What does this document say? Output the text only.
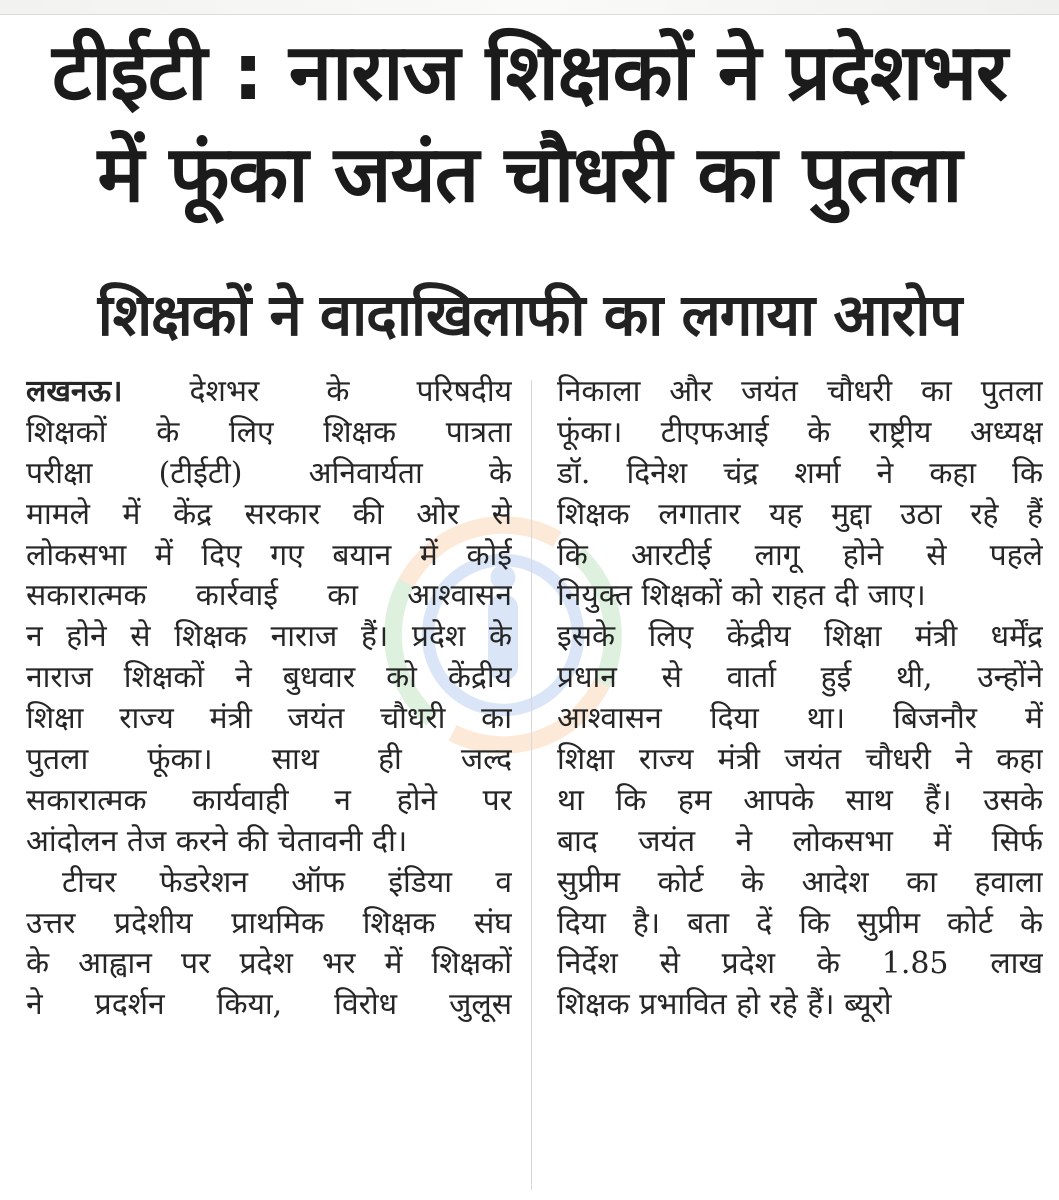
टीईटी : नाराज शिक्षकों ने प्रदेशभर
में फूंका जयंत चौधरी का पुतला
शिक्षकों ने वादाखिलाफी का लगाया आरोप
लखनऊ। देशभर के परिषदीय
शिक्षकों के लिए शिक्षक पात्रता
परीक्षा (टीईटी) अनिवार्यता के
मामले में केंद्र सरकार की ओर से
लोकसभा में दिए गए बयान में कोई
सकारात्मक कार्रवाई का आश्वासन
न होने से शिक्षक नाराज हैं। प्रदेश के
नाराज शिक्षकों ने बुधवार को केंद्रीय
शिक्षा राज्य मंत्री जयंत चौधरी का
पुतला फूंका। साथ ही जल्द
सकारात्मक कार्यवाही न होने पर
आंदोलन तेज करने की चेतावनी दी।
टीचर फेडरेशन ऑफ इंडिया व
उत्तर प्रदेशीय प्राथमिक शिक्षक संघ
के आह्वान पर प्रदेश भर में शिक्षकों
ने प्रदर्शन किया, विरोध जुलूस
निकाला और जयंत चौधरी का पुतला
फूंका। टीएफआई के राष्ट्रीय अध्यक्ष
डॉ. दिनेश चंद्र शर्मा ने कहा कि
शिक्षक लगातार यह मुद्दा उठा रहे हैं
कि आरटीई लागू होने से पहले
नियुक्त शिक्षकों को राहत दी जाए।
इसके लिए केंद्रीय शिक्षा मंत्री धर्मेंद्र
प्रधान से वार्ता हुई थी, उन्होंने
आश्वासन दिया था। बिजनौर में
शिक्षा राज्य मंत्री जयंत चौधरी ने कहा
था कि हम आपके साथ हैं। उसके
बाद जयंत ने लोकसभा में सिर्फ
सुप्रीम कोर्ट के आदेश का हवाला
दिया है। बता दें कि सुप्रीम कोर्ट के
निर्देश से प्रदेश के 1.85 लाख
शिक्षक प्रभावित हो रहे हैं। ब्यूरो
